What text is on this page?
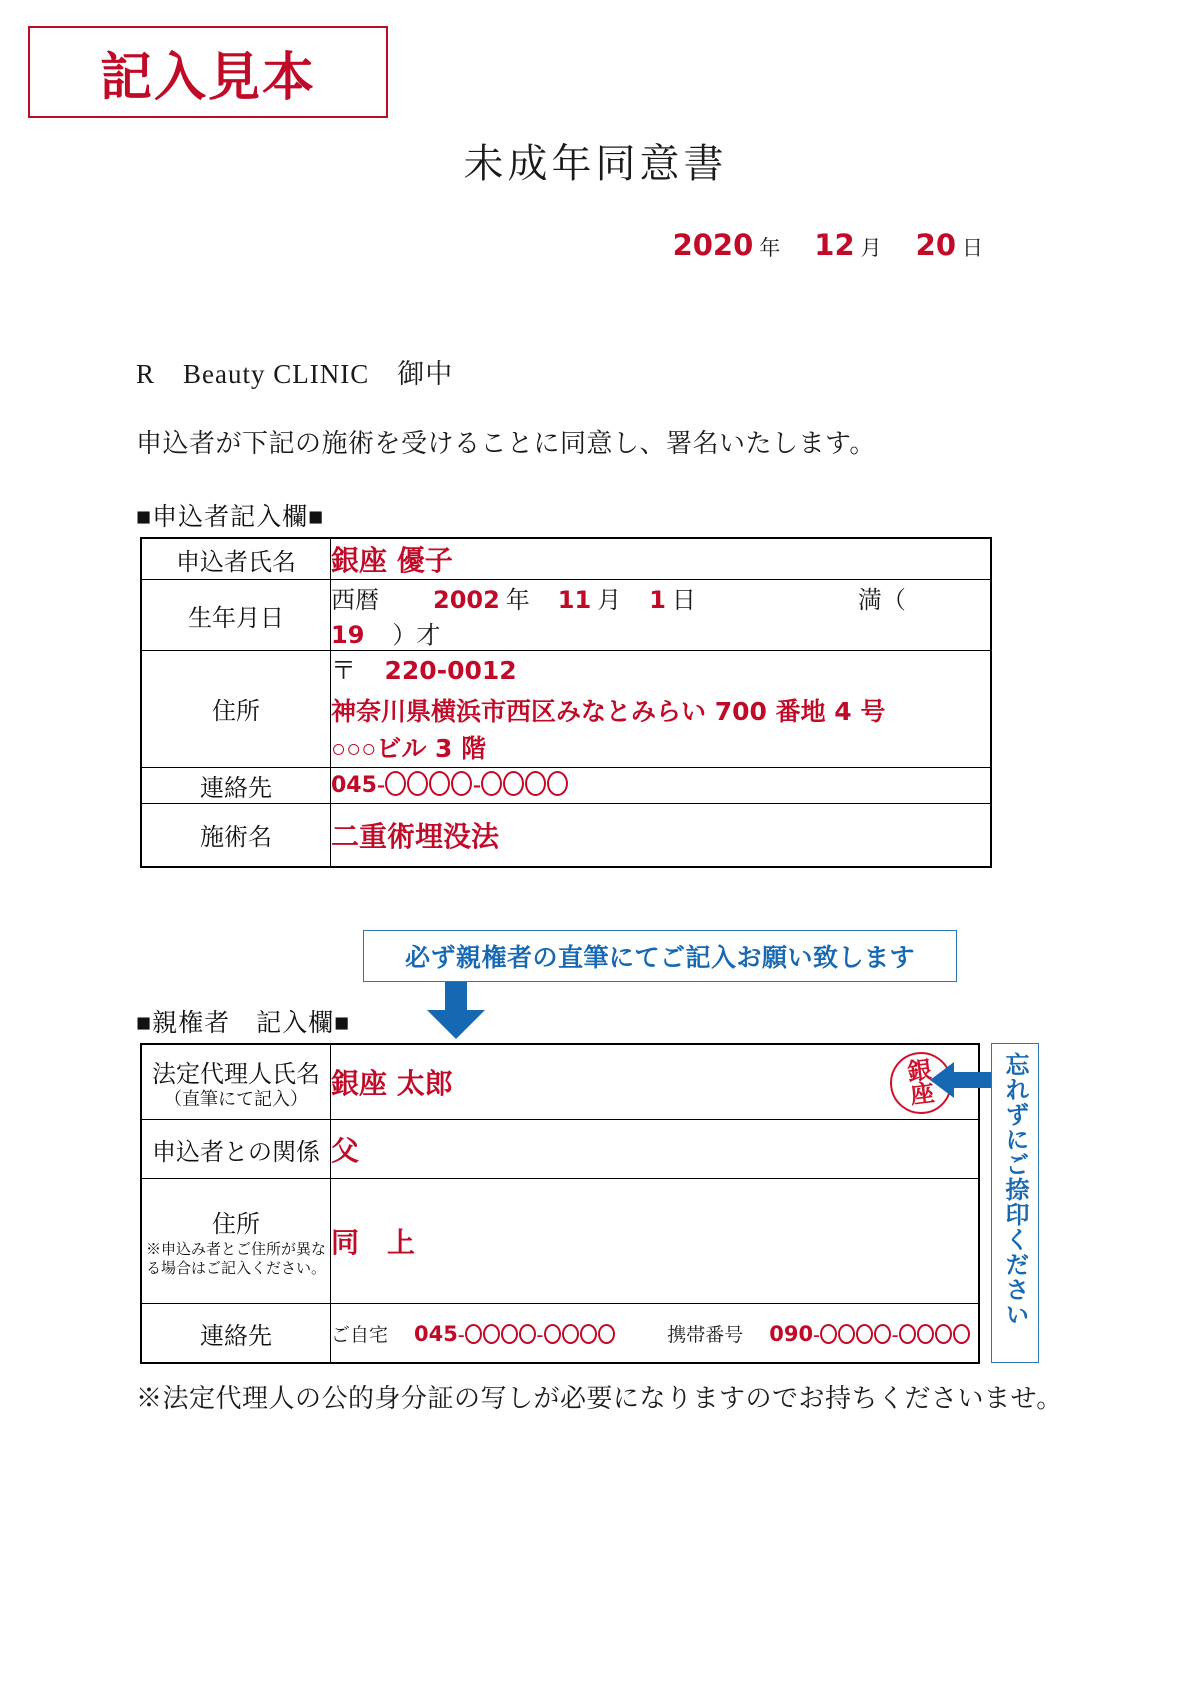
記入見本
未成年同意書
2020 年 12 月 20 日
R　Beauty CLINIC　御中
申込者が下記の施術を受けることに同意し、署名いたします。
■申込者記入欄■
申込者氏名	銀座 優子
生年月日	西暦 2002 年 11 月 1 日 満（  19 ）才
住所	〒 220-0012
神奈川県横浜市西区みなとみらい 700 番地 4 号
○○○ビル 3 階

連絡先	045- -
施術名	二重術埋没法
必ず親権者の直筆にてご記入お願い致します
■親権者　記入欄■
法定代理人氏名
（直筆にて記入）	銀座 太郎
申込者との関係	父
住所
※申込み者とご住所が異なる場合はご記入ください。	同　上
連絡先	ご自宅 045- - 携帯番号 090- -
銀
座	忘れずにご捺印ください
※法定代理人の公的身分証の写しが必要になりますのでお持ちくださいませ。
